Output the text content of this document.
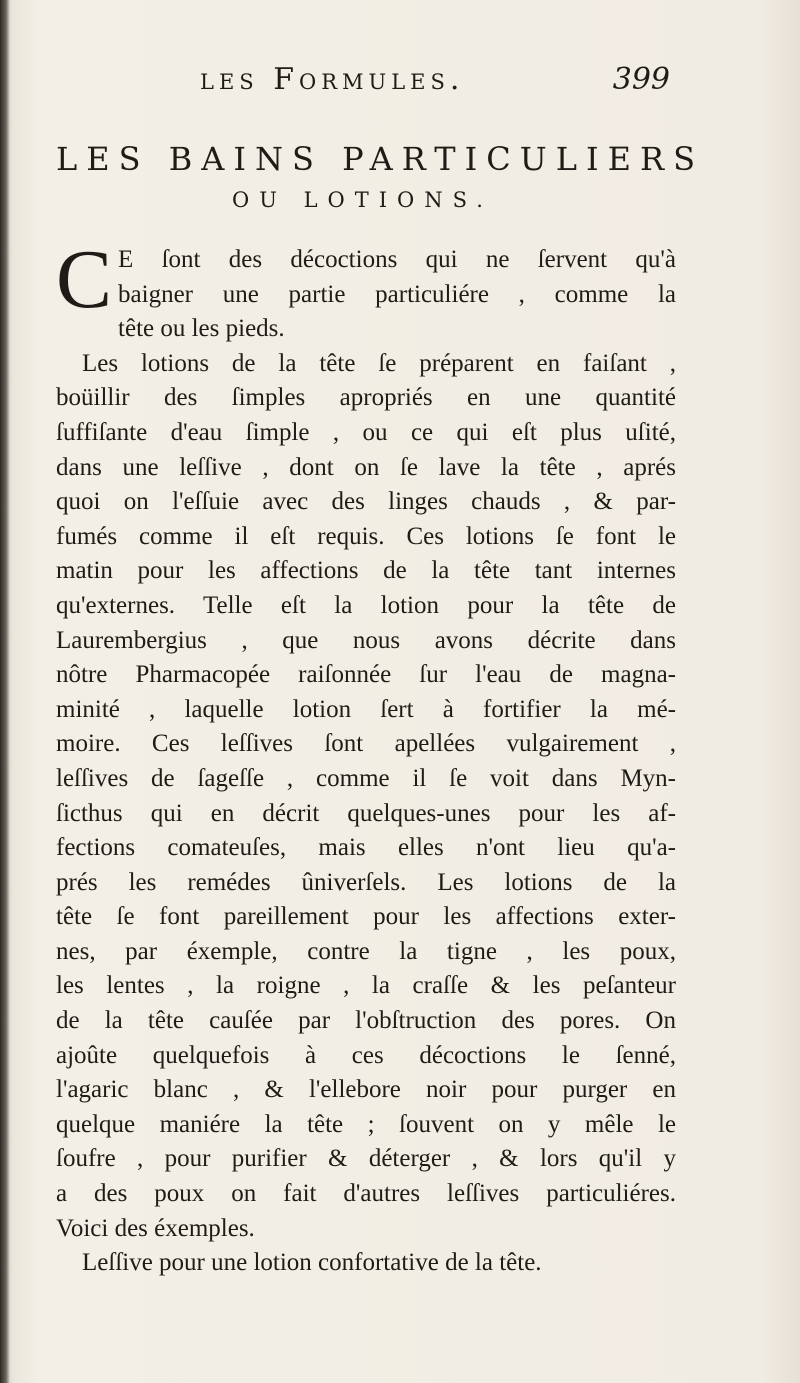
les Formules.	399
LES BAINS PARTICULIERS
OU LOTIONS.
C E ſont des décoctions qui ne ſervent qu'à
baigner une partie particuliére , comme la
tête ou les pieds.
Les lotions de la tête ſe préparent en faiſant ,
boüillir des ſimples apropriés en une quantité
ſuffiſante d'eau ſimple , ou ce qui eſt plus uſité,
dans une leſſive , dont on ſe lave la tête , aprés
quoi on l'eſſuie avec des linges chauds , & par-
fumés comme il eſt requis. Ces lotions ſe font le
matin pour les affections de la tête tant internes
qu'externes. Telle eſt la lotion pour la tête de
Laurembergius , que nous avons décrite dans
nôtre Pharmacopée raiſonnée ſur l'eau de magna-
minité , laquelle lotion ſert à fortifier la mé-
moire. Ces leſſives ſont apellées vulgairement ,
leſſives de ſageſſe , comme il ſe voit dans Myn-
ſicthus qui en décrit quelques-unes pour les af-
fections comateuſes, mais elles n'ont lieu qu'a-
prés les remédes ûniverſels. Les lotions de la
tête ſe font pareillement pour les affections exter-
nes, par éxemple, contre la tigne , les poux,
les lentes , la roigne , la craſſe & les peſanteur
de la tête cauſée par l'obſtruction des pores. On
ajoûte quelquefois à ces décoctions le ſenné,
l'agaric blanc , & l'ellebore noir pour purger en
quelque maniére la tête ; ſouvent on y mêle le
ſoufre , pour purifier & déterger , & lors qu'il y
a des poux on fait d'autres leſſives particuliéres.
Voici des éxemples.
Leſſive pour une lotion confortative de la tête.
